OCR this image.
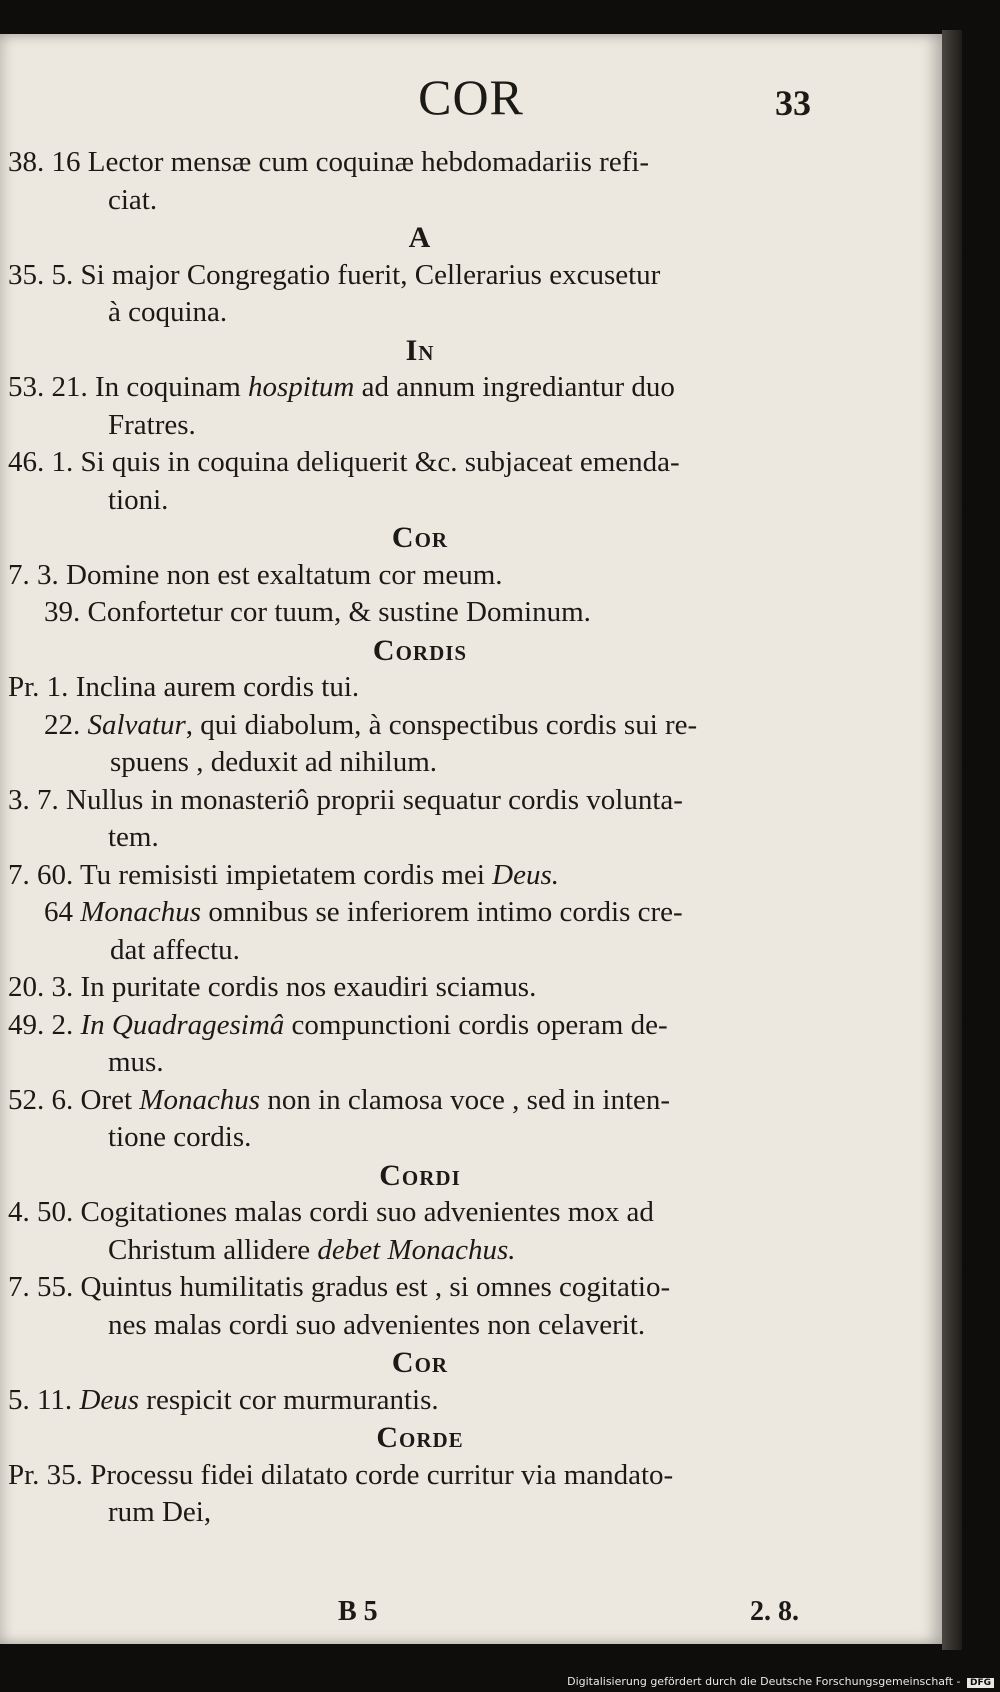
COR	33
38. 16 Lector mensæ cum coquinæ hebdomadariis refi-
ciat.
A
35. 5. Si major Congregatio fuerit, Cellerarius excusetur
à coquina.
In
53. 21. In coquinam hospitum ad annum ingrediantur duo
Fratres.
46. 1. Si quis in coquina deliquerit &c. subjaceat emenda-
tioni.
Cor
7. 3. Domine non est exaltatum cor meum.
39. Confortetur cor tuum, & sustine Dominum.
Cordis
Pr. 1. Inclina aurem cordis tui.
22. Salvatur, qui diabolum, à conspectibus cordis sui re-
spuens , deduxit ad nihilum.
3. 7. Nullus in monasteriô proprii sequatur cordis volunta-
tem.
7. 60. Tu remisisti impietatem cordis mei Deus.
64 Monachus omnibus se inferiorem intimo cordis cre-
dat affectu.
20. 3. In puritate cordis nos exaudiri sciamus.
49. 2. In Quadragesimâ compunctioni cordis operam de-
mus.
52. 6. Oret Monachus non in clamosa voce , sed in inten-
tione cordis.
Cordi
4. 50. Cogitationes malas cordi suo advenientes mox ad
Christum allidere debet Monachus.
7. 55. Quintus humilitatis gradus est , si omnes cogitatio-
nes malas cordi suo advenientes non celaverit.
Cor
5. 11. Deus respicit cor murmurantis.
Corde
Pr. 35. Processu fidei dilatato corde curritur via mandato-
rum Dei,
B 5	2. 8.
Digitalisierung gefördert durch die Deutsche Forschungsgemeinschaft - DFG
